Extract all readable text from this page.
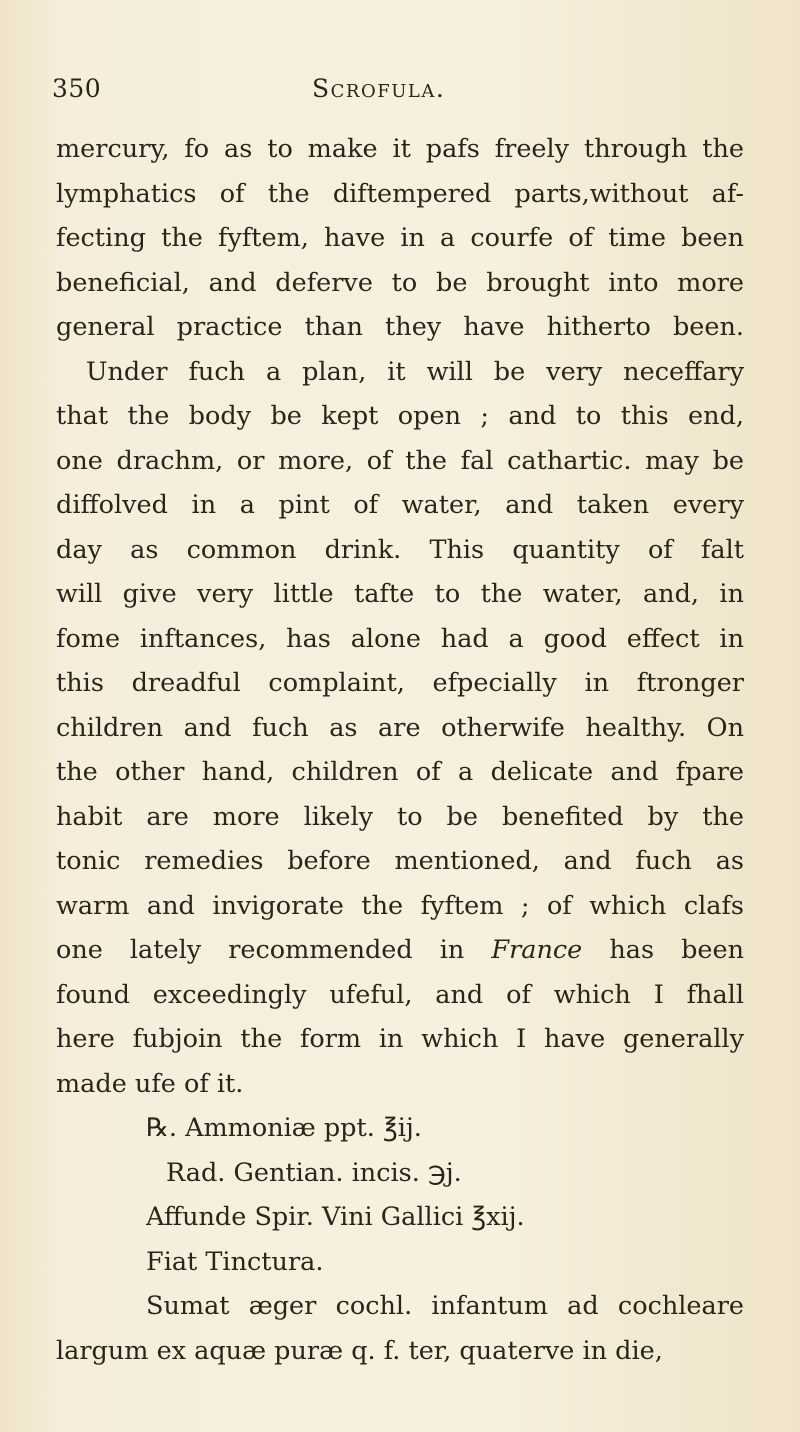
350	Scrofula.
mercury, fo as to make it pafs freely through the
lymphatics of the diftempered parts,without af-
fecting the fyftem, have in a courfe of time been
beneficial, and deferve to be brought into more
general practice than they have hitherto been.
Under fuch a plan, it will be very neceffary
that the body be kept open ; and to this end,
one drachm, or more, of the fal cathartic. may be
diffolved in a pint of water, and taken every
day as common drink. This quantity of falt
will give very little tafte to the water, and, in
fome inftances, has alone had a good effect in
this dreadful complaint, efpecially in ftronger
children and fuch as are otherwife healthy. On
the other hand, children of a delicate and fpare
habit are more likely to be benefited by the
tonic remedies before mentioned, and fuch as
warm and invigorate the fyftem ; of which clafs
one lately recommended in France has been
found exceedingly ufeful, and of which I fhall
here fubjoin the form in which I have generally
made ufe of it.
℞. Ammoniæ ppt. ℥ij.
Rad. Gentian. incis. ℈j.
Affunde Spir. Vini Gallici ℥xij.
Fiat Tinctura.
Sumat æger cochl. infantum ad cochleare
largum ex aquæ puræ q. f. ter, quaterve in die,
